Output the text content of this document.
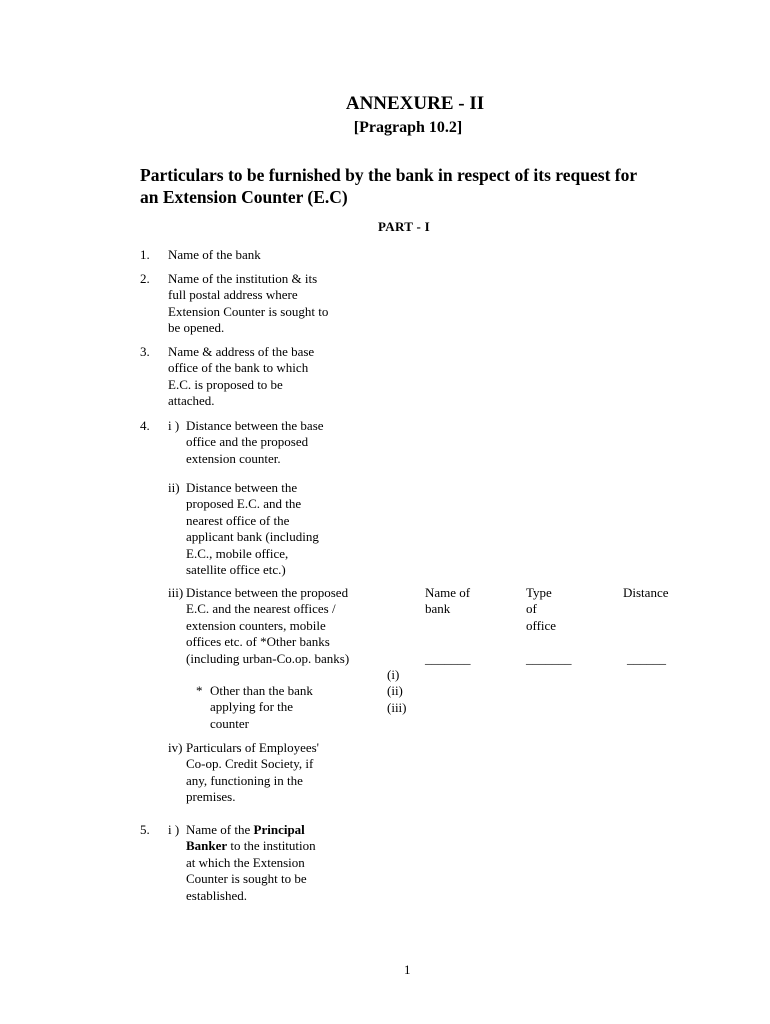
ANNEXURE - II
[Pragraph 10.2]
Particulars to be furnished by the bank in respect of its request for
an Extension Counter (E.C)
PART - I
1. Name of the bank
2. Name of the institution & its
full postal address where
Extension Counter is sought to
be opened.
3. Name & address of the base
office of the bank to which
E.C. is proposed to be
attached.
4. i ) Distance between the base
office and the proposed
extension counter.
ii) Distance between the
proposed E.C. and the
nearest office of the
applicant bank (including
E.C., mobile office,
satellite office etc.)
iii) Distance between the proposed
E.C. and the nearest offices /
extension counters, mobile
offices etc. of *Other banks
(including urban-Co.op. banks)
Name of
bank
Type
of
office
Distance
_______	_______	______
(i)
(ii)
(iii)
* Other than the bank
applying for the
counter
iv) Particulars of Employees'
Co-op. Credit Society, if
any, functioning in the
premises.
5. i ) Name of the Principal
Banker to the institution
at which the Extension
Counter is sought to be
established.
1
